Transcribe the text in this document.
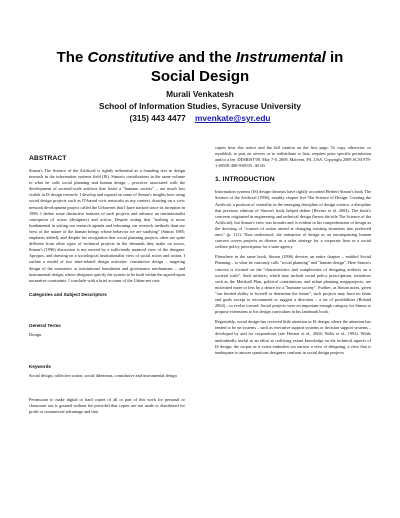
The Constitutive and the Instrumental in
Social Design
Murali Venkatesh
School of Information Studies, Syracuse University
(315) 443 4477 mvenkate@syr.edu
ABSTRACT

Simon's The Science of the Artificial is rightly influential as a founding text in design research in the information systems field (IS). Simon's contributions in the same volume to what he calls social planning and human design – practices associated with the development of societal-scale artifacts that foster a "humane society" – are much less visible in IS design research. I develop and expand on some of Simon's insights here using social design projects such as IT-based civic networks as my context, drawing on a civic network development project called the Urban-net that I have tracked since its inception in 1996. I define some distinctive features of such projects and advance an institutionalist conception of actors (designers) and action. Despite noting that "nothing is more fundamental in setting our research agenda and informing our research methods than our view of the nature of the human beings whose behavior we are studying" (Simon 1985; emphasis added), and despite his recognition that social planning projects often are quite different from other types of technical projects in the demands they make on actors, Simon's (1996) discussion is not moved by a sufficiently nuanced view of the designer. Apropos, and drawing on a sociological institutionalist view of social actors and action, I outline a model of two inter-related design activities: constitutive design – targeting design of the normative or institutional foundation and governance mechanisms – and instrumental design, where designers specify the system to be built within the agreed-upon normative constraints. I conclude with a brief account of the Urban-net case.

Categories and Subject Descriptors
General Terms

Design

Keywords

Social design, collective action, social dilemmas, constitutive and instrumental design

Permission to make digital or hard copies of all or part of this work for personal or classroom use is granted without fee provided that copies are not made or distributed for profit or commercial advantage and that

copies bear this notice and the full citation on the first page. To copy otherwise, or republish, to post on servers or to redistribute to lists, requires prior specific permission and/or a fee. DESRIST'09, May 7-8, 2009, Malvern, PA, USA. Copyright 2009 ACM 978-1-60558-408-9/09/05...$5.00.

1. INTRODUCTION

Information systems (IS) design theorists have rightly accorded Herbert Simon's book The Science of the Artificial (1996), notably chapter five The Science of Design: Creating the Artificial, a position of centrality in the emerging discipline of design science, a discipline that previous editions of Simon's book helped define (Hevner et al. 2004). The book's concerns originated in engineering and technical design (hence the title The Science of the Artificial), but Simon's view was broader and is evident in his comprehension of design as the devising of "courses of action aimed at changing existing situations into preferred ones" (p. 111). Thus understood, the enterprise of design as an encompassing human concern covers projects as diverse as a sales strategy for a corporate firm or a social welfare policy prescription for a state agency.

Elsewhere in the same book, Simon (1996) devotes an entire chapter – entitled Social Planning – to what he variously calls "social planning" and "human design". Here Simon's concern is focused on the "characteristics and complexities of designing artifacts on a societal scale". Such artifacts, which may include social policy prescriptions, initiatives such as the Marshall Plan, political constitutions, and urban planning megaprojects, are motivated more or less by a desire for a "humane society". Further, as Simon notes, given "our limited ability to foretell or determine the future", such projects may have no finite end goals except to recommend or suggest a direction – a set of possibilities (Boland 2004) – to evolve toward. Social projects were an important enough category for Simon to propose extensions to his design curriculum in his landmark book.

Regrettably, social design has received little attention in IS design, where the attention has tended to be on systems – such as executive support systems or decision support systems – developed by and for corporations (see Hevner et al., 2004; Walls et al., 1992). While undoubtedly useful as an effort at codifying extant knowledge on the technical aspects of IS design, the corpus as it exists embodies too narrow a view of designing, a view that is inadequate to answer questions designers confront in social design projects
